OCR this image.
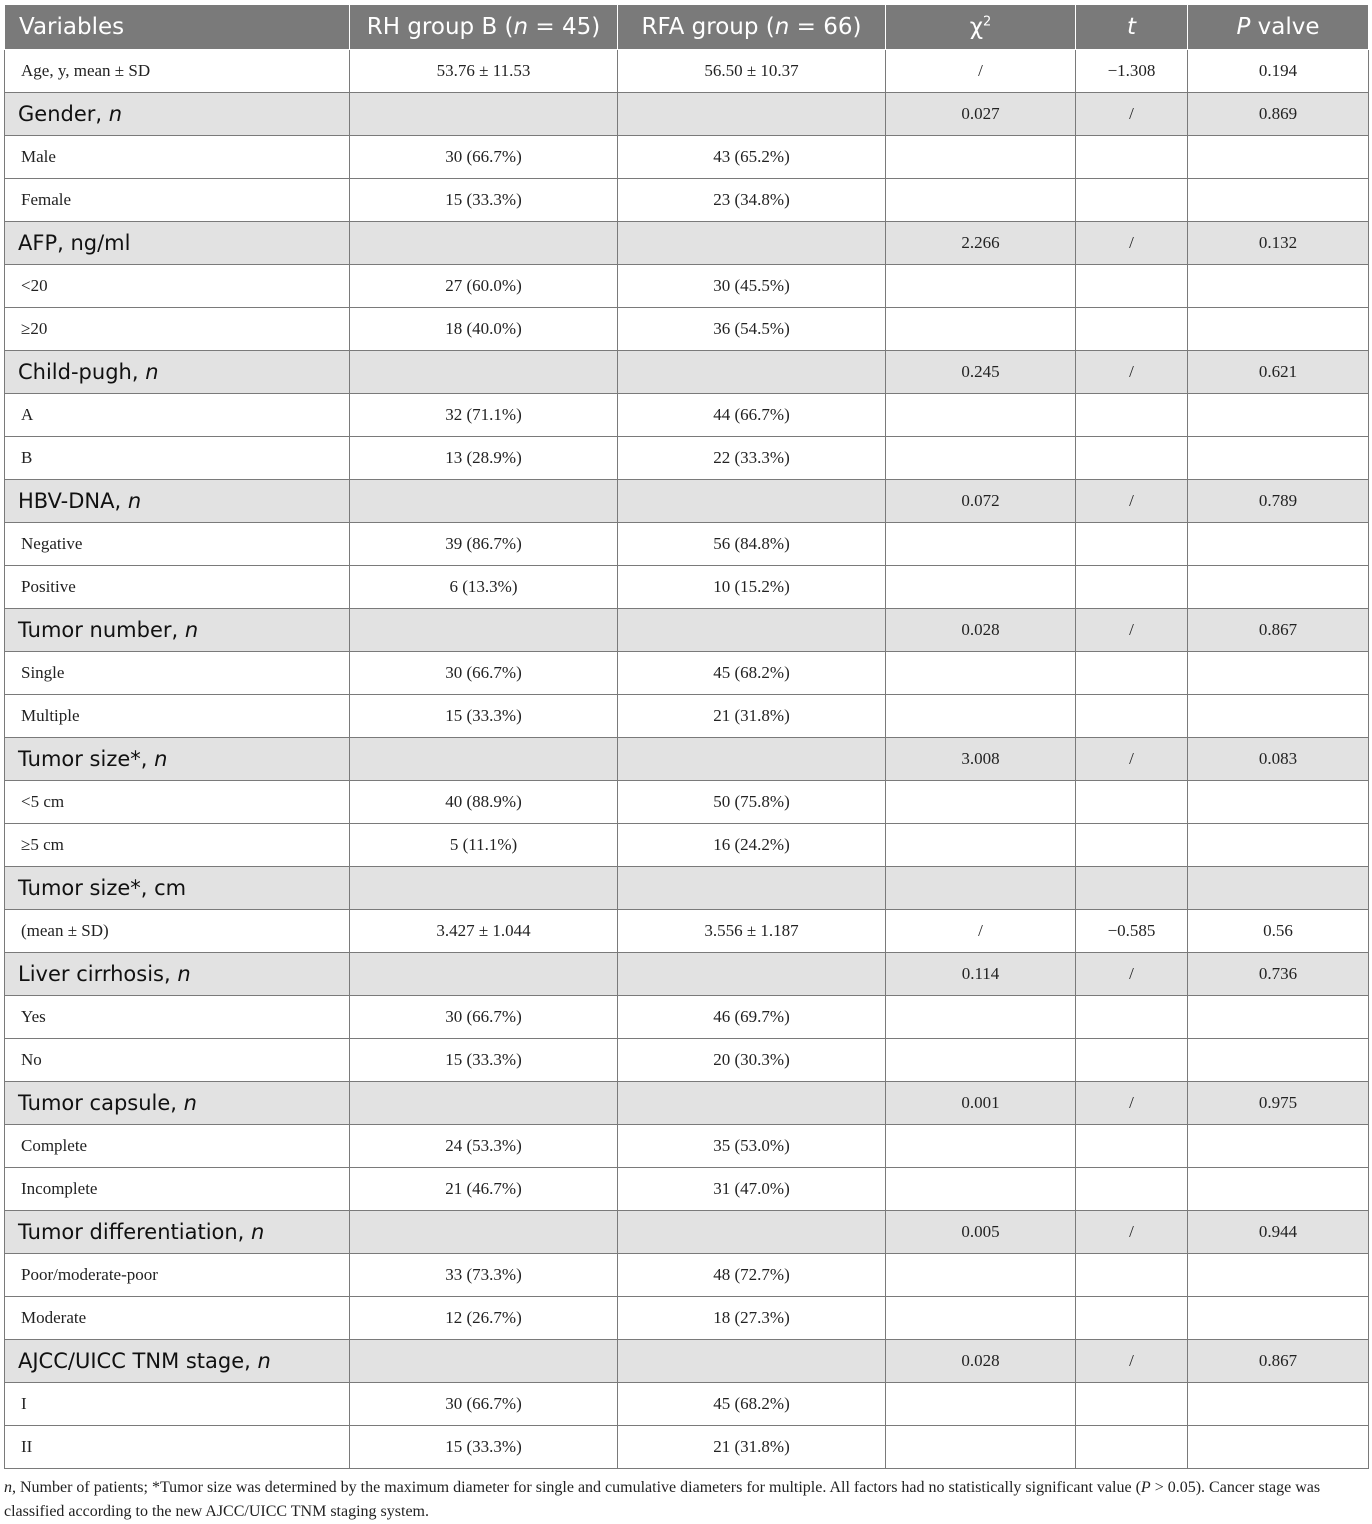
Variables	RH group B (n = 45)	RFA group (n = 66)	$\chi^2$	t	P valve
Age, y, mean ± SD	53.76 ± 11.53	56.50 ± 10.37	/	−1.308	0.194
Gender, n			0.027	/	0.869
Male	30 (66.7%)	43 (65.2%)			
Female	15 (33.3%)	23 (34.8%)			
AFP, ng/ml			2.266	/	0.132
<20	27 (60.0%)	30 (45.5%)			
≥20	18 (40.0%)	36 (54.5%)			
Child-pugh, n			0.245	/	0.621
A	32 (71.1%)	44 (66.7%)			
B	13 (28.9%)	22 (33.3%)			
HBV-DNA, n			0.072	/	0.789
Negative	39 (86.7%)	56 (84.8%)			
Positive	6 (13.3%)	10 (15.2%)			
Tumor number, n			0.028	/	0.867
Single	30 (66.7%)	45 (68.2%)			
Multiple	15 (33.3%)	21 (31.8%)			
Tumor size*, n			3.008	/	0.083
<5 cm	40 (88.9%)	50 (75.8%)			
≥5 cm	5 (11.1%)	16 (24.2%)			
Tumor size*, cm					
(mean ± SD)	3.427 ± 1.044	3.556 ± 1.187	/	−0.585	0.56
Liver cirrhosis, n			0.114	/	0.736
Yes	30 (66.7%)	46 (69.7%)			
No	15 (33.3%)	20 (30.3%)			
Tumor capsule, n			0.001	/	0.975
Complete	24 (53.3%)	35 (53.0%)			
Incomplete	21 (46.7%)	31 (47.0%)			
Tumor differentiation, n			0.005	/	0.944
Poor/moderate-poor	33 (73.3%)	48 (72.7%)			
Moderate	12 (26.7%)	18 (27.3%)			
AJCC/UICC TNM stage, n			0.028	/	0.867
I	30 (66.7%)	45 (68.2%)			
II	15 (33.3%)	21 (31.8%)			
n, Number of patients; *Tumor size was determined by the maximum diameter for single and cumulative diameters for multiple. All factors had no statistically significant value (P > 0.05). Cancer stage was classified according to the new AJCC/UICC TNM staging system.
